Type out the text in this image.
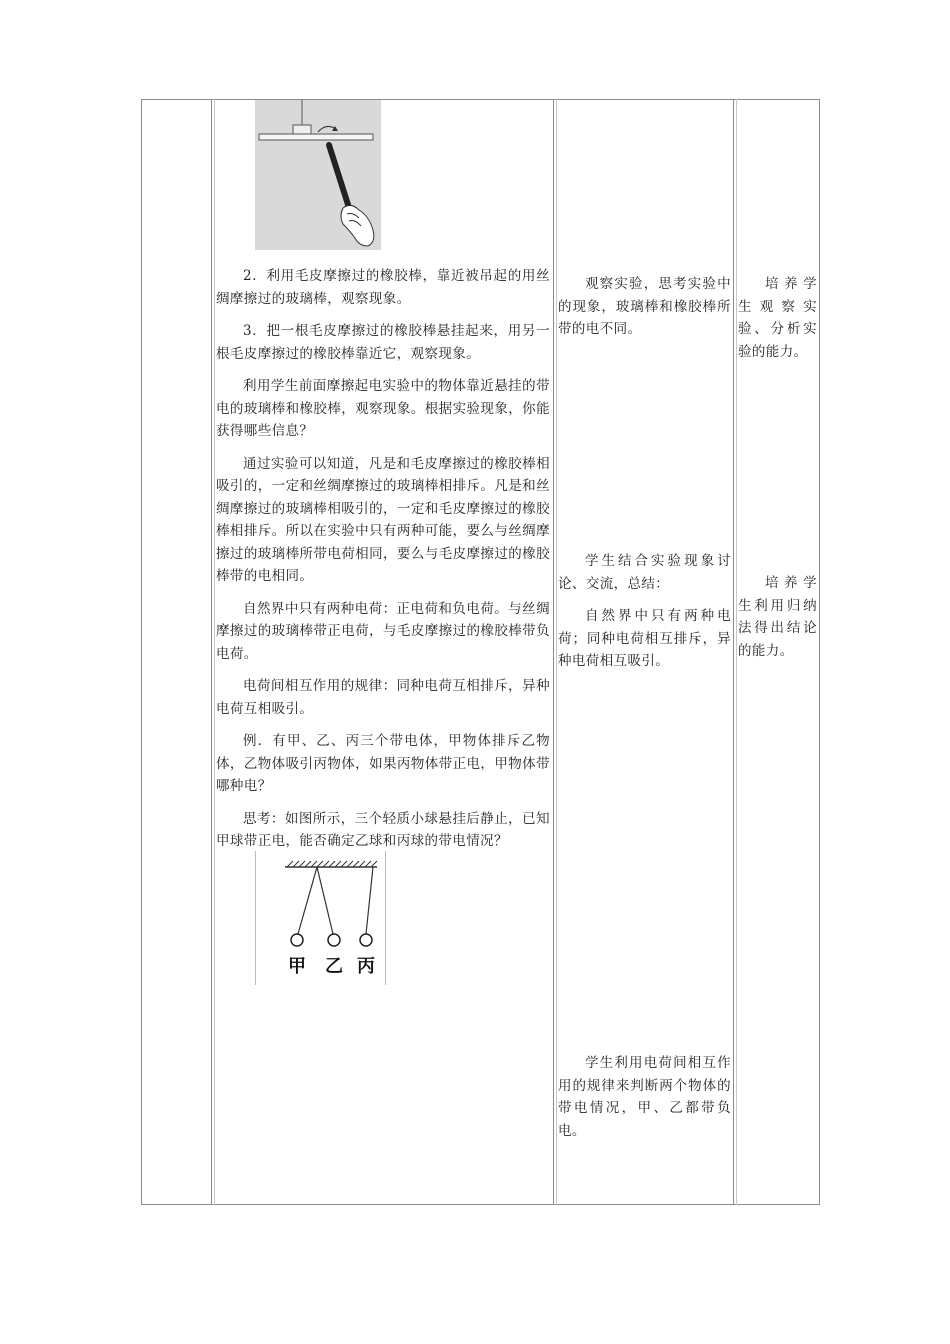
2．利用毛皮摩擦过的橡胶棒，靠近被吊起的用丝绸摩擦过的玻璃棒，观察现象。

3．把一根毛皮摩擦过的橡胶棒悬挂起来，用另一根毛皮摩擦过的橡胶棒靠近它，观察现象。

利用学生前面摩擦起电实验中的物体靠近悬挂的带电的玻璃棒和橡胶棒，观察现象。根据实验现象，你能获得哪些信息？

通过实验可以知道，凡是和毛皮摩擦过的橡胶棒相吸引的，一定和丝绸摩擦过的玻璃棒相排斥。凡是和丝绸摩擦过的玻璃棒相吸引的，一定和毛皮摩擦过的橡胶棒相排斥。所以在实验中只有两种可能，要么与丝绸摩擦过的玻璃棒所带电荷相同，要么与毛皮摩擦过的橡胶棒带的电相同。

自然界中只有两种电荷：正电荷和负电荷。与丝绸摩擦过的玻璃棒带正电荷，与毛皮摩擦过的橡胶棒带负电荷。

电荷间相互作用的规律：同种电荷互相排斥，异种电荷互相吸引。

例．有甲、乙、丙三个带电体，甲物体排斥乙物体，乙物体吸引丙物体，如果丙物体带正电，甲物体带哪种电？

思考：如图所示，三个轻质小球悬挂后静止，已知甲球带正电，能否确定乙球和丙球的带电情况？

甲 乙 丙

观察实验，思考实验中的现象，玻璃棒和橡胶棒所带的电不同。

学生结合实验现象讨论、交流，总结：

自然界中只有两种电荷；同种电荷相互排斥，异种电荷相互吸引。

学生利用电荷间相互作用的规律来判断两个物体的带电情况，甲、乙都带负电。

培养学生观察实验、分析实验的能力。

培养学生利用归纳法得出结论的能力。
